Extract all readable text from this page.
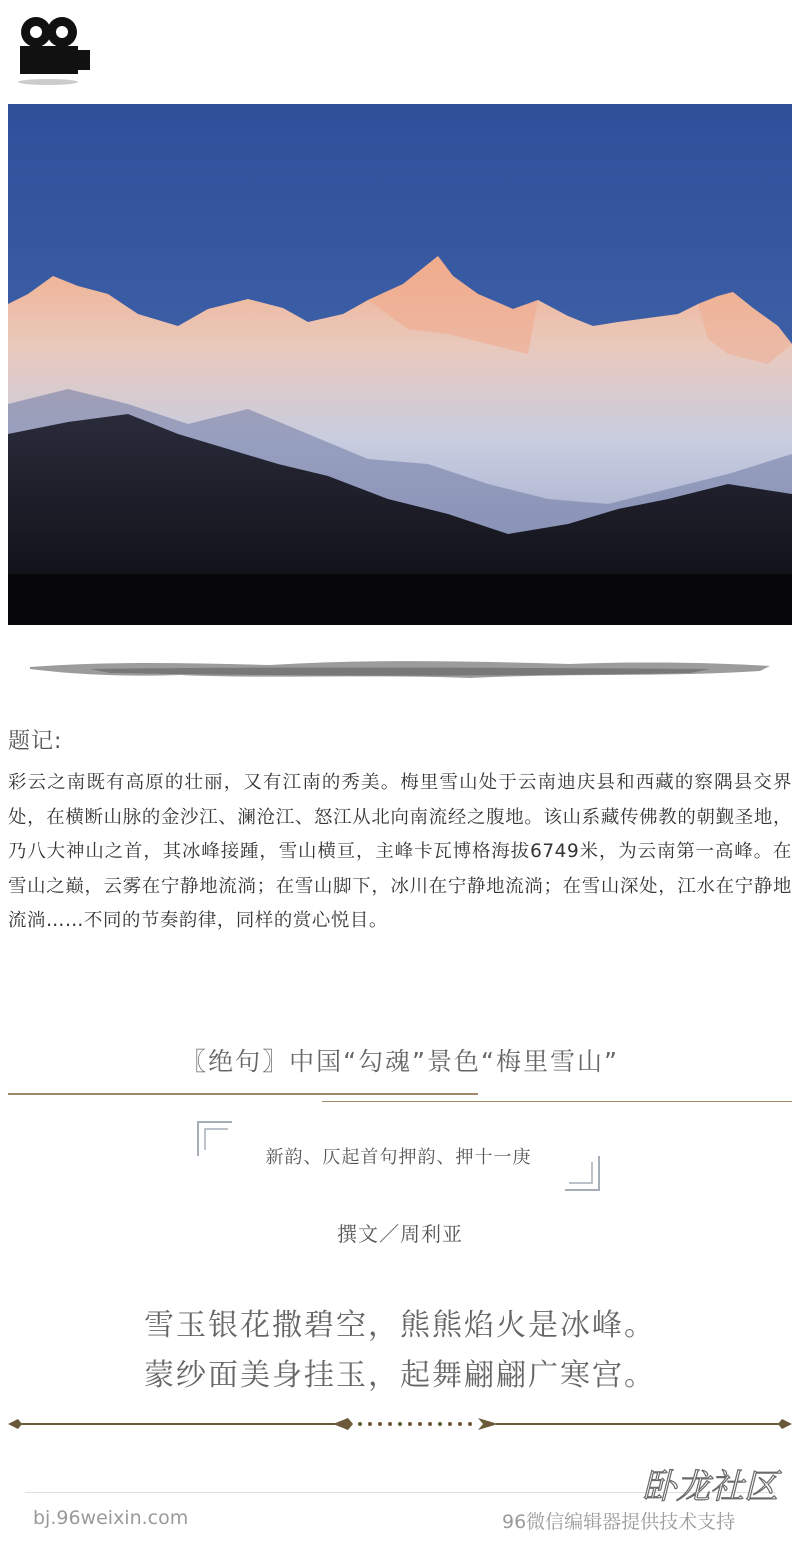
题记:
彩云之南既有高原的壮丽，又有江南的秀美。梅里雪山处于云南迪庆县和西藏的察隅县交界处，在横断山脉的金沙江、澜沧江、怒江从北向南流经之腹地。该山系藏传佛教的朝觐圣地，乃八大神山之首，其冰峰接踵，雪山横亘，主峰卡瓦博格海拔6749米，为云南第一高峰。在雪山之巅，云雾在宁静地流淌；在雪山脚下，冰川在宁静地流淌；在雪山深处，江水在宁静地流淌……不同的节奏韵律，同样的赏心悦目。
〖绝句〗中国“勾魂”景色“梅里雪山”
新韵、仄起首句押韵、押十一庚
撰文／周利亚
雪玉银花撒碧空，熊熊焰火是冰峰。
蒙纱面美身挂玉，起舞翩翩广寒宫。
bj.96weixin.com	96微信编辑器提供技术支持
卧龙社区
